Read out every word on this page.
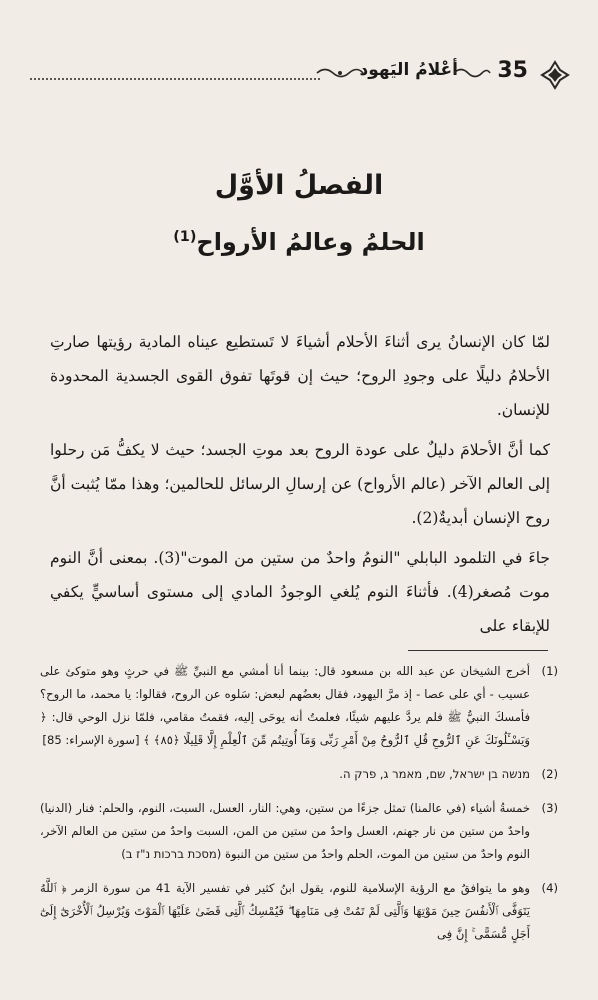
أعْلامُ اليَهود 35
الفصلُ الأوَّل
الحلمُ وعالمُ الأرواح$^{(1)}$

لمّا كان الإنسانُ يرى أثناءَ الأحلام أشياءَ لا تَستطيع عيناه المادية رؤيتها صارتِ الأحلامُ دليلًا على وجودِ الروح؛ حيث إن قوتَها تفوق القوى الجسدية المحدودة للإنسان.

كما أنَّ الأحلامَ دليلٌ على عودة الروح بعد موتِ الجسد؛ حيث لا يكفُّ مَن رحلوا إلى العالم الآخر (عالم الأرواح) عن إرسالِ الرسائل للحالمين؛ وهذا ممّا يُثبت أنَّ روح الإنسان أبديةٌ(2).

جاءَ في التلمود البابلي "النومُ واحدٌ من ستين من الموت"(3). بمعنى أنَّ النوم موت مُصغر(4). فأثناءَ النوم يُلغي الوجودُ المادي إلى مستوى أساسيٍّ يكفي للإبقاء على

(1)
أخرج الشيخان عن عبد الله بن مسعود قال: بينما أنا أمشي مع النبيِّ ﷺ في حرثٍ وهو متوكئ على عسيب - أي على عصا - إذ مرَّ اليهود، فقال بعضُهم لبعض: سَلوه عن الروح، فقالوا: يا محمد، ما الروح؟ فأمسكَ النبيُّ ﷺ فلم يردَّ عليهم شيئًا، فعلمتُ أنه يوحَى إليه، فقمتُ مقامي، فلمّا نزل الوحي قال: ﴿ وَيَسْـَٔلُونَكَ عَنِ ٱلرُّوحِ قُلِ ٱلرُّوحُ مِنْ أَمْرِ رَبِّى وَمَآ أُوتِيتُم مِّنَ ٱلْعِلْمِ إِلَّا قَلِيلًا ﴿٨٥﴾ ﴾ [سورة الإسراء: 85]
(2)
מנשה בן ישראל, שם, מאמר ג, פרק ה.
(3)
خمسةُ أشياء (في عالمنا) تمثل جزءًا من ستين، وهي: النار، العسل، السبت، النوم، والحلم: فنار (الدنيا) واحدٌ من ستين من نار جهنم، العسل واحدٌ من ستين من المن، السبت واحدٌ من ستين من العالم الآخر، النوم واحدٌ من ستين من الموت، الحلم واحدٌ من ستين من النبوة (מסכת ברכות נ"ז ב)
(4)
وهو ما يتوافقُ مع الرؤية الإسلامية للنوم، يقول ابنُ كثير في تفسير الآية 41 من سورة الزمر ﴿ ٱللَّهُ يَتَوَفَّى ٱلْأَنفُسَ حِينَ مَوْتِهَا وَٱلَّتِى لَمْ تَمُتْ فِى مَنَامِهَا ۖ فَيُمْسِكُ ٱلَّتِى قَضَىٰ عَلَيْهَا ٱلْمَوْتَ وَيُرْسِلُ ٱلْأُخْرَىٰٓ إِلَىٰٓ أَجَلٍ مُّسَمًّى ۚ إِنَّ فِى
